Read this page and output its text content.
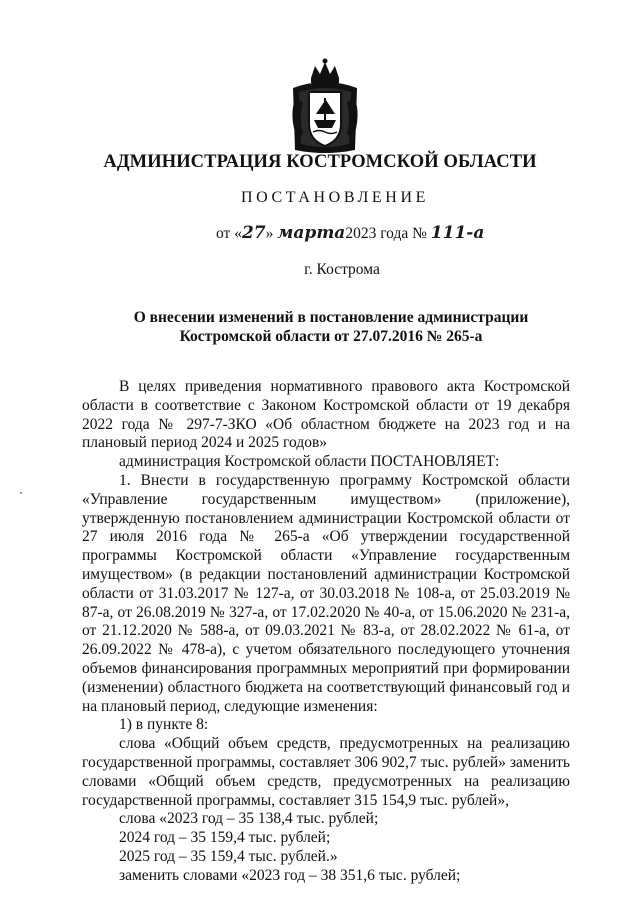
АДМИНИСТРАЦИЯ КОСТРОМСКОЙ ОБЛАСТИ
ПОСТАНОВЛЕНИЕ
от «27» марта2023 года № 111-а
г. Кострома
О внесении изменений в постановление администрации
Костромской области от 27.07.2016 № 265-а

В целях приведения нормативного правового акта Костромской области в соответствие с Законом Костромской области от 19 декабря 2022 года № 297-7-ЗКО «Об областном бюджете на 2023 год и на плановый период 2024 и 2025 годов»

администрация Костромской области ПОСТАНОВЛЯЕТ:

1. Внести в государственную программу Костромской области «Управление государственным имуществом» (приложение), утвержденную постановлением администрации Костромской области от 27 июля 2016 года № 265-а «Об утверждении государственной программы Костромской области «Управление государственным имуществом» (в редакции постановлений администрации Костромской области от 31.03.2017 № 127-а, от 30.03.2018 № 108-а, от 25.03.2019 № 87-а, от 26.08.2019 № 327-а, от 17.02.2020 № 40-а, от 15.06.2020 № 231-а, от 21.12.2020 № 588-а, от 09.03.2021 № 83-а, от 28.02.2022 № 61-а, от 26.09.2022 № 478-а), с учетом обязательного последующего уточнения объемов финансирования программных мероприятий при формировании (изменении) областного бюджета на соответствующий финансовый год и на плановый период, следующие изменения:

1) в пункте 8:

слова «Общий объем средств, предусмотренных на реализацию государственной программы, составляет 306 902,7 тыс. рублей» заменить словами «Общий объем средств, предусмотренных на реализацию государственной программы, составляет 315 154,9 тыс. рублей»,

слова «2023 год – 35 138,4 тыс. рублей;

2024 год – 35 159,4 тыс. рублей;

2025 год – 35 159,4 тыс. рублей.»

заменить словами «2023 год – 38 351,6 тыс. рублей;
